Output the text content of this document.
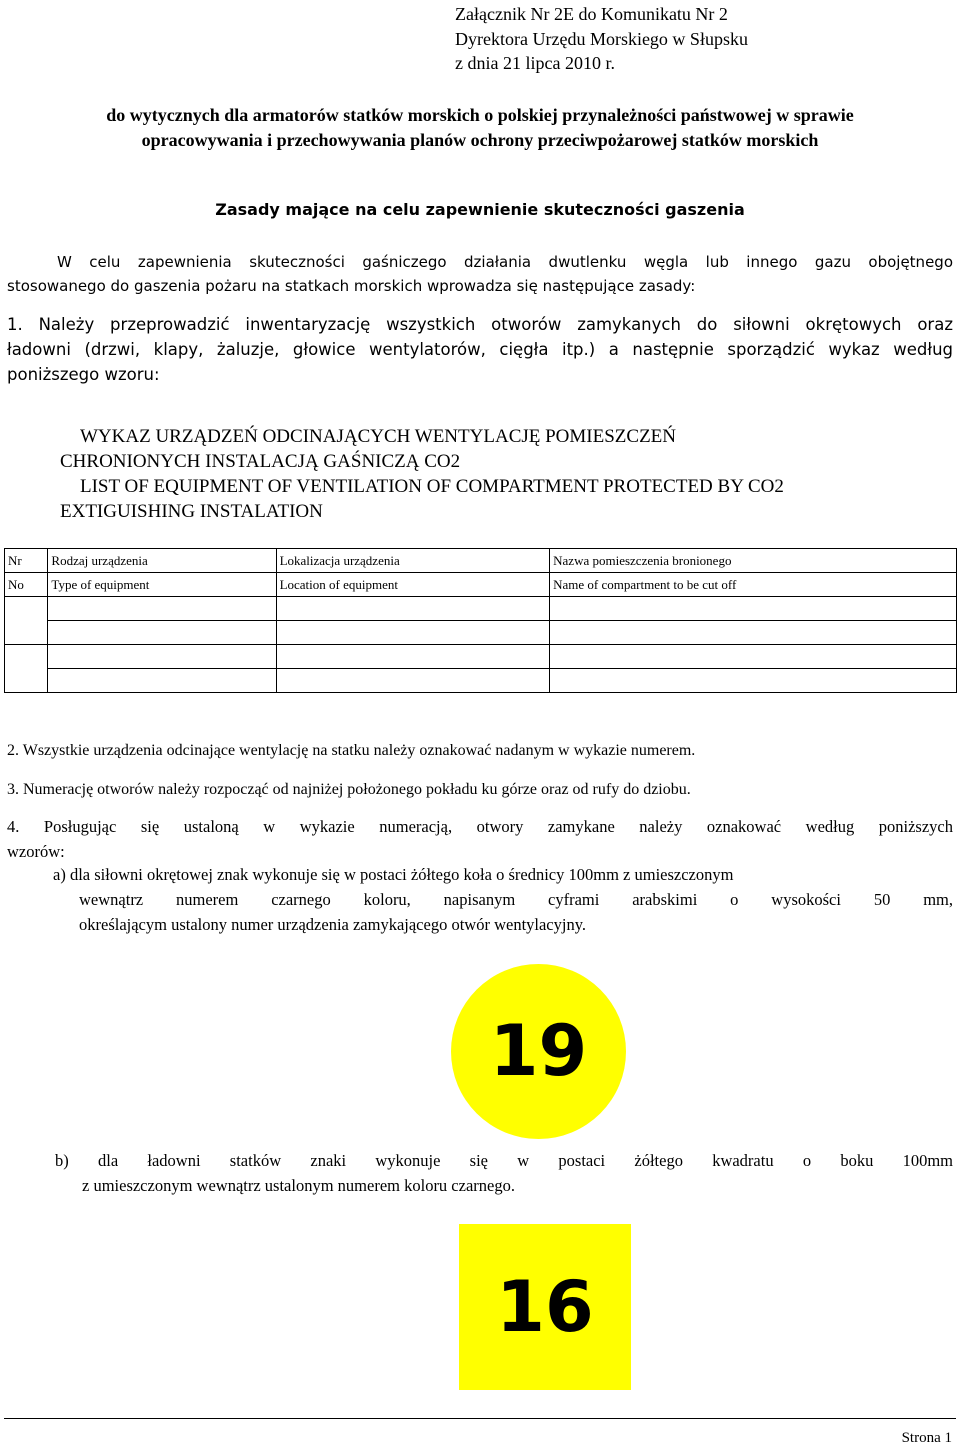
Załącznik Nr 2E do Komunikatu Nr 2
Dyrektora Urzędu Morskiego w Słupsku
z dnia 21 lipca 2010 r.
do wytycznych dla armatorów statków morskich o polskiej przynależności państwowej w sprawie
opracowywania i przechowywania planów ochrony przeciwpożarowej statków morskich
Zasady mające na celu zapewnienie skuteczności gaszenia
W celu zapewnienia skuteczności gaśniczego działania dwutlenku węgla lub innego gazu obojętnego
stosowanego do gaszenia pożaru na statkach morskich wprowadza się następujące zasady:
1. Należy przeprowadzić inwentaryzację wszystkich otworów zamykanych do siłowni okrętowych oraz
ładowni (drzwi, klapy, żaluzje, głowice wentylatorów, cięgła itp.) a następnie sporządzić wykaz według
poniższego wzoru:
WYKAZ URZĄDZEŃ ODCINAJĄCYCH WENTYLACJĘ POMIESZCZEŃ
CHRONIONYCH INSTALACJĄ GAŚNICZĄ CO2
LIST OF EQUIPMENT OF VENTILATION OF COMPARTMENT PROTECTED BY CO2
EXTIGUISHING INSTALATION
Nr	Rodzaj urządzenia	Lokalizacja urządzenia	Nazwa pomieszczenia bronionego
No	Type of equipment	Location of equipment	Name of compartment to be cut off

2. Wszystkie urządzenia odcinające wentylację na statku należy oznakować nadanym w wykazie numerem.
3. Numerację otworów należy rozpocząć od najniżej położonego pokładu ku górze oraz od rufy do dziobu.
4. Posługując się ustaloną w wykazie numeracją, otwory zamykane należy oznakować według poniższych
wzorów:
a) dla siłowni okrętowej znak wykonuje się w postaci żółtego koła o średnicy 100mm z umieszczonym
wewnątrz numerem czarnego koloru, napisanym cyframi arabskimi o wysokości 50 mm,
określającym ustalony numer urządzenia zamykającego otwór wentylacyjny.
19
b) dla ładowni statków znaki wykonuje się w postaci żółtego kwadratu o boku 100mm
z umieszczonym wewnątrz ustalonym numerem koloru czarnego.
16
Strona 1
